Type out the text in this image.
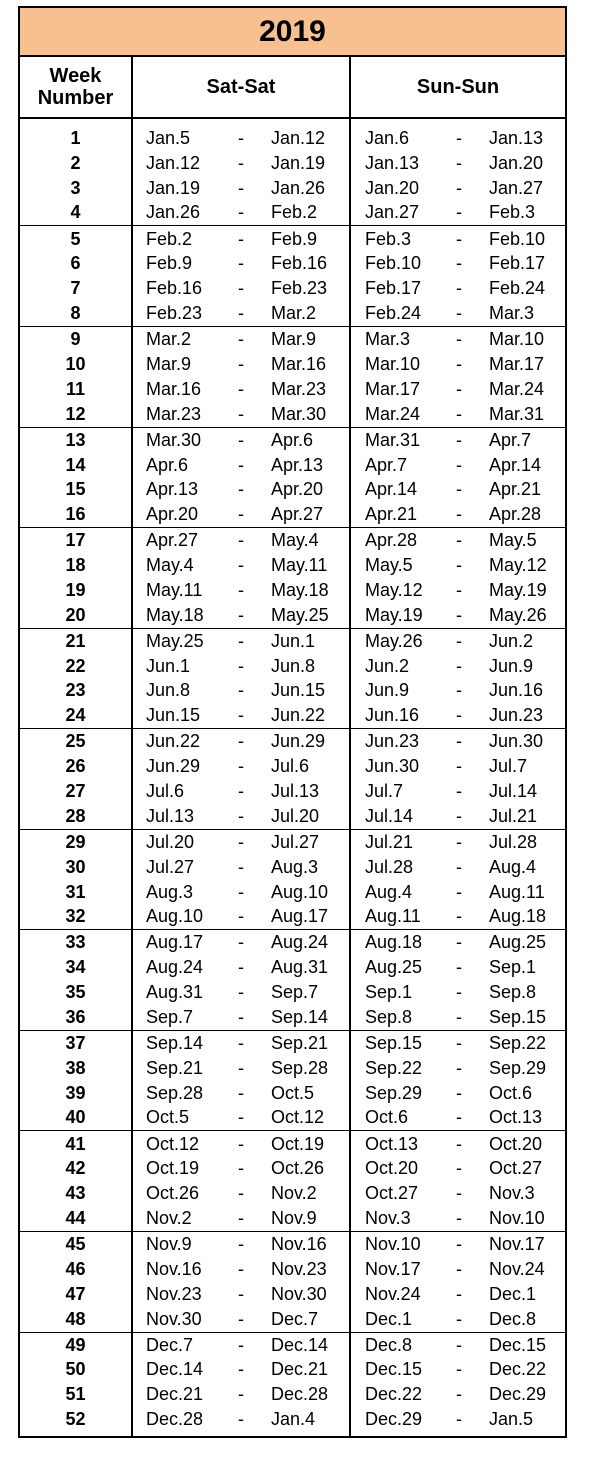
2019
Week Number	Sat-Sat	Sun-Sun
1	Jan.5	- Jan.12 Jan.6	- Jan.13
2	Jan.12 - Jan.19 Jan.13 - Jan.20
3	Jan.19 - Jan.26 Jan.20 - Jan.27
4	Jan.26 - Feb.2	Jan.27 - Feb.3
5	Feb.2	- Feb.9	Feb.3 - Feb.10
6	Feb.9	- Feb.16 Feb.10 - Feb.17
7	Feb.16 - Feb.23 Feb.17 - Feb.24
8	Feb.23 - Mar.2	Feb.24 - Mar.3
9	Mar.2	- Mar.9	Mar.3	- Mar.10
10	Mar.9	- Mar.16 Mar.10 - Mar.17
11	Mar.16 - Mar.23 Mar.17 - Mar.24
12	Mar.23 - Mar.30 Mar.24 - Mar.31
13	Mar.30 - Apr.6	Mar.31 - Apr.7
14	Apr.6	- Apr.13 Apr.7	- Apr.14
15	Apr.13 - Apr.20 Apr.14 - Apr.21
16	Apr.20 - Apr.27 Apr.21 - Apr.28
17	Apr.27 - May.4	Apr.28 - May.5
18	May.4 - May.11 May.5 - May.12
19	May.11 - May.18 May.12 - May.19
20	May.18 - May.25 May.19 - May.26
21	May.25 - Jun.1	May.26 - Jun.2
22	Jun.1	- Jun.8	Jun.2	- Jun.9
23	Jun.8	- Jun.15 Jun.9	- Jun.16
24	Jun.15 - Jun.22 Jun.16 - Jun.23
25	Jun.22 - Jun.29 Jun.23 - Jun.30
26	Jun.29 - Jul.6	Jun.30 - Jul.7
27	Jul.6	- Jul.13	Jul.7	- Jul.14
28	Jul.13 - Jul.20	Jul.14 - Jul.21
29	Jul.20 - Jul.27	Jul.21 - Jul.28
30	Jul.27 - Aug.3	Jul.28 - Aug.4
31	Aug.3 - Aug.10 Aug.4 - Aug.11
32	Aug.10 - Aug.17 Aug.11 - Aug.18
33	Aug.17 - Aug.24 Aug.18 - Aug.25
34	Aug.24 - Aug.31 Aug.25 - Sep.1
35	Aug.31 - Sep.7	Sep.1 - Sep.8
36	Sep.7 - Sep.14 Sep.8 - Sep.15
37	Sep.14 - Sep.21 Sep.15 - Sep.22
38	Sep.21 - Sep.28 Sep.22 - Sep.29
39	Sep.28 - Oct.5	Sep.29 - Oct.6
40	Oct.5	- Oct.12 Oct.6	- Oct.13
41	Oct.12 - Oct.19 Oct.13 - Oct.20
42	Oct.19 - Oct.26 Oct.20 - Oct.27
43	Oct.26 - Nov.2	Oct.27 - Nov.3
44	Nov.2	- Nov.9	Nov.3	- Nov.10
45	Nov.9	- Nov.16 Nov.10 - Nov.17
46	Nov.16 - Nov.23 Nov.17 - Nov.24
47	Nov.23 - Nov.30 Nov.24 - Dec.1
48	Nov.30 - Dec.7	Dec.1 - Dec.8
49	Dec.7 - Dec.14 Dec.8 - Dec.15
50	Dec.14 - Dec.21 Dec.15 - Dec.22
51	Dec.21 - Dec.28 Dec.22 - Dec.29
52	Dec.28 - Jan.4	Dec.29 - Jan.5
